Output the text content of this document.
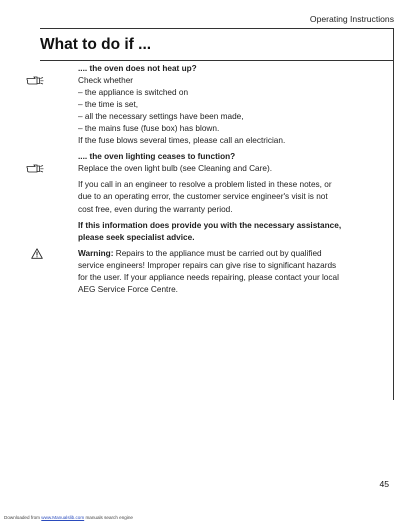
Operating Instructions
What to do if ...

.... the oven does not heat up?

Check whether

– the appliance is switched on

– the time is set,

– all the necessary settings have been made,

– the mains fuse (fuse box) has blown.

If the fuse blows several times, please call an electrician.

.... the oven lighting ceases to function?

Replace the oven light bulb (see Cleaning and Care).

If you call in an engineer to resolve a problem listed in these notes, or

due to an operating error, the customer service engineer's visit is not

cost free, even during the warranty period.

If this information does provide you with the necessary assistance,

please seek specialist advice.

Warning: Repairs to the appliance must be carried out by qualified

service engineers! Improper repairs can give rise to significant hazards

for the user. If your appliance needs repairing, please contact your local

AEG Service Force Centre.

45
Downloaded from www.Manualslib.com manuals search engine
